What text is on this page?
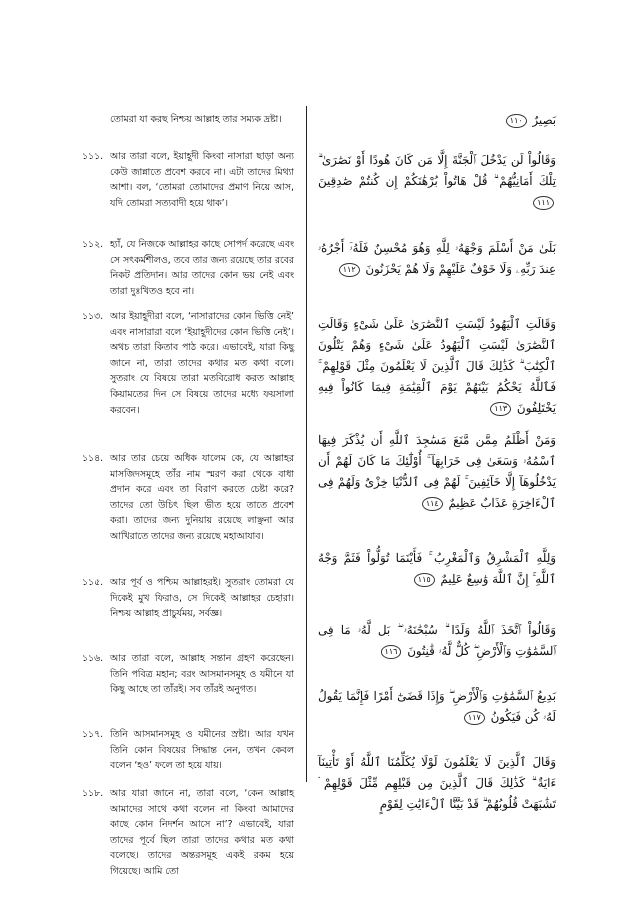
তোমরা যা করছ নিশ্চয় আল্লাহ তার সম্যক দ্রষ্টা।
১১১. আর তারা বলে, ইয়াহূদী কিংবা নাসারা ছাড়া অন্য কেউ জান্নাতে প্রবেশ করবে না। এটা তাদের মিথ্যা আশা। বল, ‘তোমরা তোমাদের প্রমাণ নিয়ে আস, যদি তোমরা সত্যবাদী হয়ে থাক’।
১১২. হ্যাঁ, যে নিজকে আল্লাহর কাছে সোপর্দ করেছে এবং সে সৎকর্মশীলও, তবে তার জন্য রয়েছে তার রবের নিকট প্রতিদান। আর তাদের কোন ভয় নেই এবং তারা দুঃখিতও হবে না।
১১৩. আর ইয়াহূদীরা বলে, ‘নাসারাদের কোন ভিত্তি নেই’ এবং নাসারারা বলে ‘ইয়াহূদীদের কোন ভিত্তি নেই’। অথচ তারা কিতাব পাঠ করে। এভাবেই, যারা কিছু জানে না, তারা তাদের কথার মত কথা বলে। সুতরাং যে বিষয়ে তারা মতবিরোধ করত আল্লাহ কিয়ামতের দিন সে বিষয়ে তাদের মধ্যে ফয়সালা করবেন।
১১৪. আর তার চেয়ে অধিক যালেম কে, যে আল্লাহর মাসজিদসমূহে তাঁর নাম স্মরণ করা থেকে বাধা প্রদান করে এবং তা বিরাণ করতে চেষ্টা করে? তাদের তো উচিৎ ছিল ভীত হয়ে তাতে প্রবেশ করা। তাদের জন্য দুনিয়ায় রয়েছে লাঞ্ছনা আর আখিরাতে তাদের জন্য রয়েছে মহাআযাব।
১১৫. আর পূর্ব ও পশ্চিম আল্লাহরই। সুতরাং তোমরা যে দিকেই মুখ ফিরাও, সে দিকেই আল্লাহর চেহারা। নিশ্চয় আল্লাহ প্রাচুর্যময়, সর্বজ্ঞ।
১১৬. আর তারা বলে, আল্লাহ সন্তান গ্রহণ করেছেন। তিনি পবিত্র মহান; বরং আসমানসমূহ ও যমীনে যা কিছু আছে তা তাঁরই। সব তাঁরই অনুগত।
১১৭. তিনি আসমানসমূহ ও যমীনের স্রষ্টা। আর যখন তিনি কোন বিষয়ের সিদ্ধান্ত নেন, তখন কেবল বলেন ‘হও’ ফলে তা হয়ে যায়।
১১৮. আর যারা জানে না, তারা বলে, ‘কেন আল্লাহ আমাদের সাথে কথা বলেন না কিংবা আমাদের কাছে কোন নিদর্শন আসে না’? এভাবেই, যারা তাদের পূর্বে ছিল তারা তাদের কথার মত কথা বলেছে। তাদের অন্তরসমূহ একই রকম হয়ে গিয়েছে। আমি তো
بَصِيرٌ ١١٠
وَقَالُواْ لَن يَدْخُلَ ٱلْجَنَّةَ إِلَّا مَن كَانَ هُودًا أَوْ نَصَٰرَىٰ ۗ تِلْكَ أَمَانِيُّهُمْ ۗ قُلْ هَاتُواْ بُرْهَٰنَكُمْ إِن كُنتُمْ صَٰدِقِينَ ١١١
بَلَىٰ مَنْ أَسْلَمَ وَجْهَهُۥ لِلَّهِ وَهُوَ مُحْسِنٌ فَلَهُۥٓ أَجْرُهُۥ عِندَ رَبِّهِۦ وَلَا خَوْفٌ عَلَيْهِمْ وَلَا هُمْ يَحْزَنُونَ ١١٢
وَقَالَتِ ٱلْيَهُودُ لَيْسَتِ ٱلنَّصَٰرَىٰ عَلَىٰ شَىْءٍ وَقَالَتِ ٱلنَّصَٰرَىٰ لَيْسَتِ ٱلْيَهُودُ عَلَىٰ شَىْءٍ وَهُمْ يَتْلُونَ ٱلْكِتَٰبَ ۗ كَذَٰلِكَ قَالَ ٱلَّذِينَ لَا يَعْلَمُونَ مِثْلَ قَوْلِهِمْ ۚ فَٱللَّهُ يَحْكُمُ بَيْنَهُمْ يَوْمَ ٱلْقِيَٰمَةِ فِيمَا كَانُواْ فِيهِ يَخْتَلِفُونَ ١١٣
وَمَنْ أَظْلَمُ مِمَّن مَّنَعَ مَسَٰجِدَ ٱللَّهِ أَن يُذْكَرَ فِيهَا ٱسْمُهُۥ وَسَعَىٰ فِى خَرَابِهَآ ۚ أُوْلَٰٓئِكَ مَا كَانَ لَهُمْ أَن يَدْخُلُوهَآ إِلَّا خَآئِفِينَ ۚ لَهُمْ فِى ٱلدُّنْيَا خِزْىٌ وَلَهُمْ فِى ٱلْءَاخِرَةِ عَذَابٌ عَظِيمٌ ١١٤
وَلِلَّهِ ٱلْمَشْرِقُ وَٱلْمَغْرِبُ ۚ فَأَيْنَمَا تُوَلُّواْ فَثَمَّ وَجْهُ ٱللَّهِ ۚ إِنَّ ٱللَّهَ وَٰسِعٌ عَلِيمٌ ١١٥
وَقَالُواْ ٱتَّخَذَ ٱللَّهُ وَلَدًا ۗ سُبْحَٰنَهُۥ ۖ بَل لَّهُۥ مَا فِى ٱلسَّمَٰوَٰتِ وَٱلْأَرْضِ ۖ كُلٌّ لَّهُۥ قَٰنِتُونَ ١١٦
بَدِيعُ ٱلسَّمَٰوَٰتِ وَٱلْأَرْضِ ۖ وَإِذَا قَضَىٰٓ أَمْرًا فَإِنَّمَا يَقُولُ لَهُۥ كُن فَيَكُونُ ١١٧
وَقَالَ ٱلَّذِينَ لَا يَعْلَمُونَ لَوْلَا يُكَلِّمُنَا ٱللَّهُ أَوْ تَأْتِينَآ ءَايَةٌ ۗ كَذَٰلِكَ قَالَ ٱلَّذِينَ مِن قَبْلِهِم مِّثْلَ قَوْلِهِمْ ۘ تَشَٰبَهَتْ قُلُوبُهُمْ ۗ قَدْ بَيَّنَّا ٱلْءَايَٰتِ لِقَوْمٍ
